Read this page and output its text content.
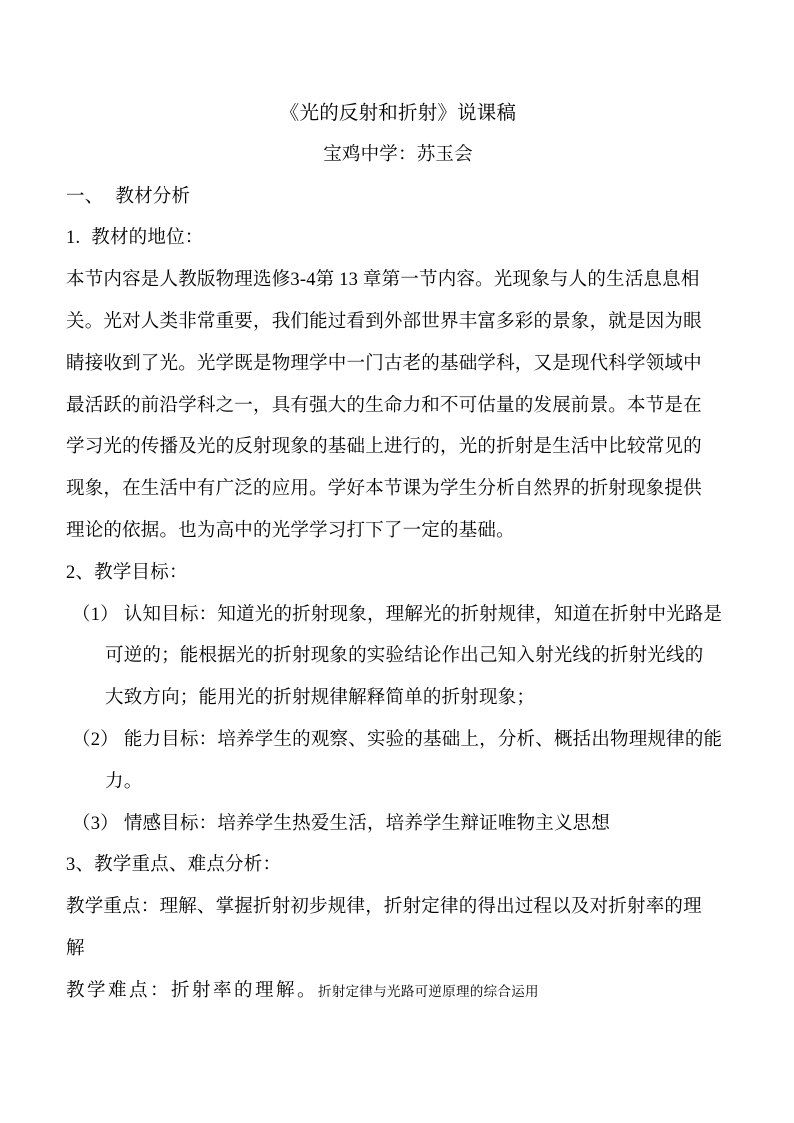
《光的反射和折射》说课稿
宝鸡中学：苏玉会
一、 教材分析
1. 教材的地位：
本节内容是人教版物理选修3-4第 13 章第一节内容。光现象与人的生活息息相
关。光对人类非常重要，我们能过看到外部世界丰富多彩的景象，就是因为眼
睛接收到了光。光学既是物理学中一门古老的基础学科，又是现代科学领域中
最活跃的前沿学科之一，具有强大的生命力和不可估量的发展前景。本节是在
学习光的传播及光的反射现象的基础上进行的，光的折射是生活中比较常见的
现象，在生活中有广泛的应用。学好本节课为学生分析自然界的折射现象提供
理论的依据。也为高中的光学学习打下了一定的基础。
2、教学目标：
（1） 认知目标：知道光的折射现象，理解光的折射规律，知道在折射中光路是
可逆的；能根据光的折射现象的实验结论作出己知入射光线的折射光线的
大致方向；能用光的折射规律解释简单的折射现象；
（2） 能力目标：培养学生的观察、实验的基础上，分析、概括出物理规律的能
力。
（3） 情感目标：培养学生热爱生活，培养学生辩证唯物主义思想
3、教学重点、难点分析：
教学重点：理解、掌握折射初步规律，折射定律的得出过程以及对折射率的理
解
教学难点：折射率的理解。折射定律与光路可逆原理的综合运用
